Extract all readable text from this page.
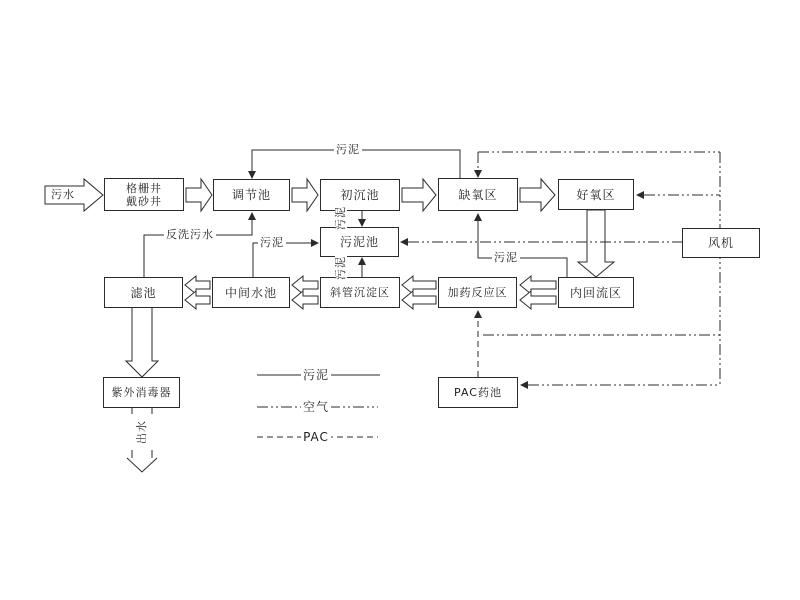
格栅井
戴砂井	调节池	初沉池	缺氧区	好氧区
风机
污泥池
滤池	中间水池	斜管沉淀区	加药反应区	内回流区
紫外消毒器	PAC药池
污水
污泥
反洗污水
污泥
污泥
污泥	污泥
出水
污泥
空气
PAC
